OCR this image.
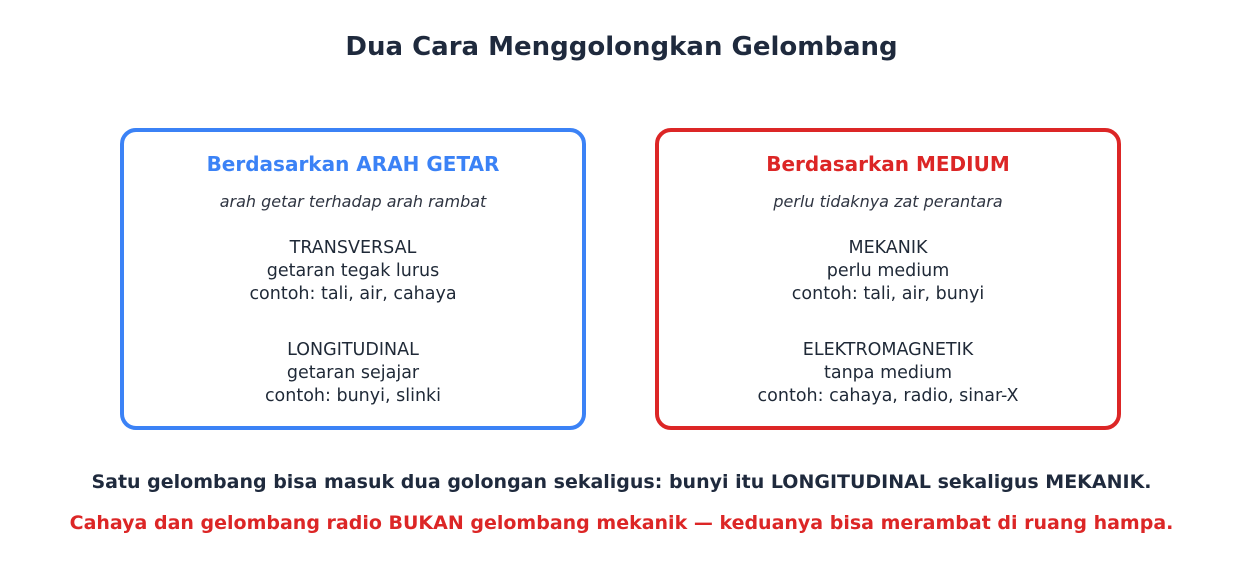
Dua Cara Menggolongkan Gelombang
Berdasarkan ARAH GETAR
arah getar terhadap arah rambat
TRANSVERSAL
getaran tegak lurus
contoh: tali, air, cahaya
LONGITUDINAL
getaran sejajar
contoh: bunyi, slinki
Berdasarkan MEDIUM
perlu tidaknya zat perantara
MEKANIK
perlu medium
contoh: tali, air, bunyi
ELEKTROMAGNETIK
tanpa medium
contoh: cahaya, radio, sinar-X
Satu gelombang bisa masuk dua golongan sekaligus: bunyi itu LONGITUDINAL sekaligus MEKANIK.
Cahaya dan gelombang radio BUKAN gelombang mekanik — keduanya bisa merambat di ruang hampa.
